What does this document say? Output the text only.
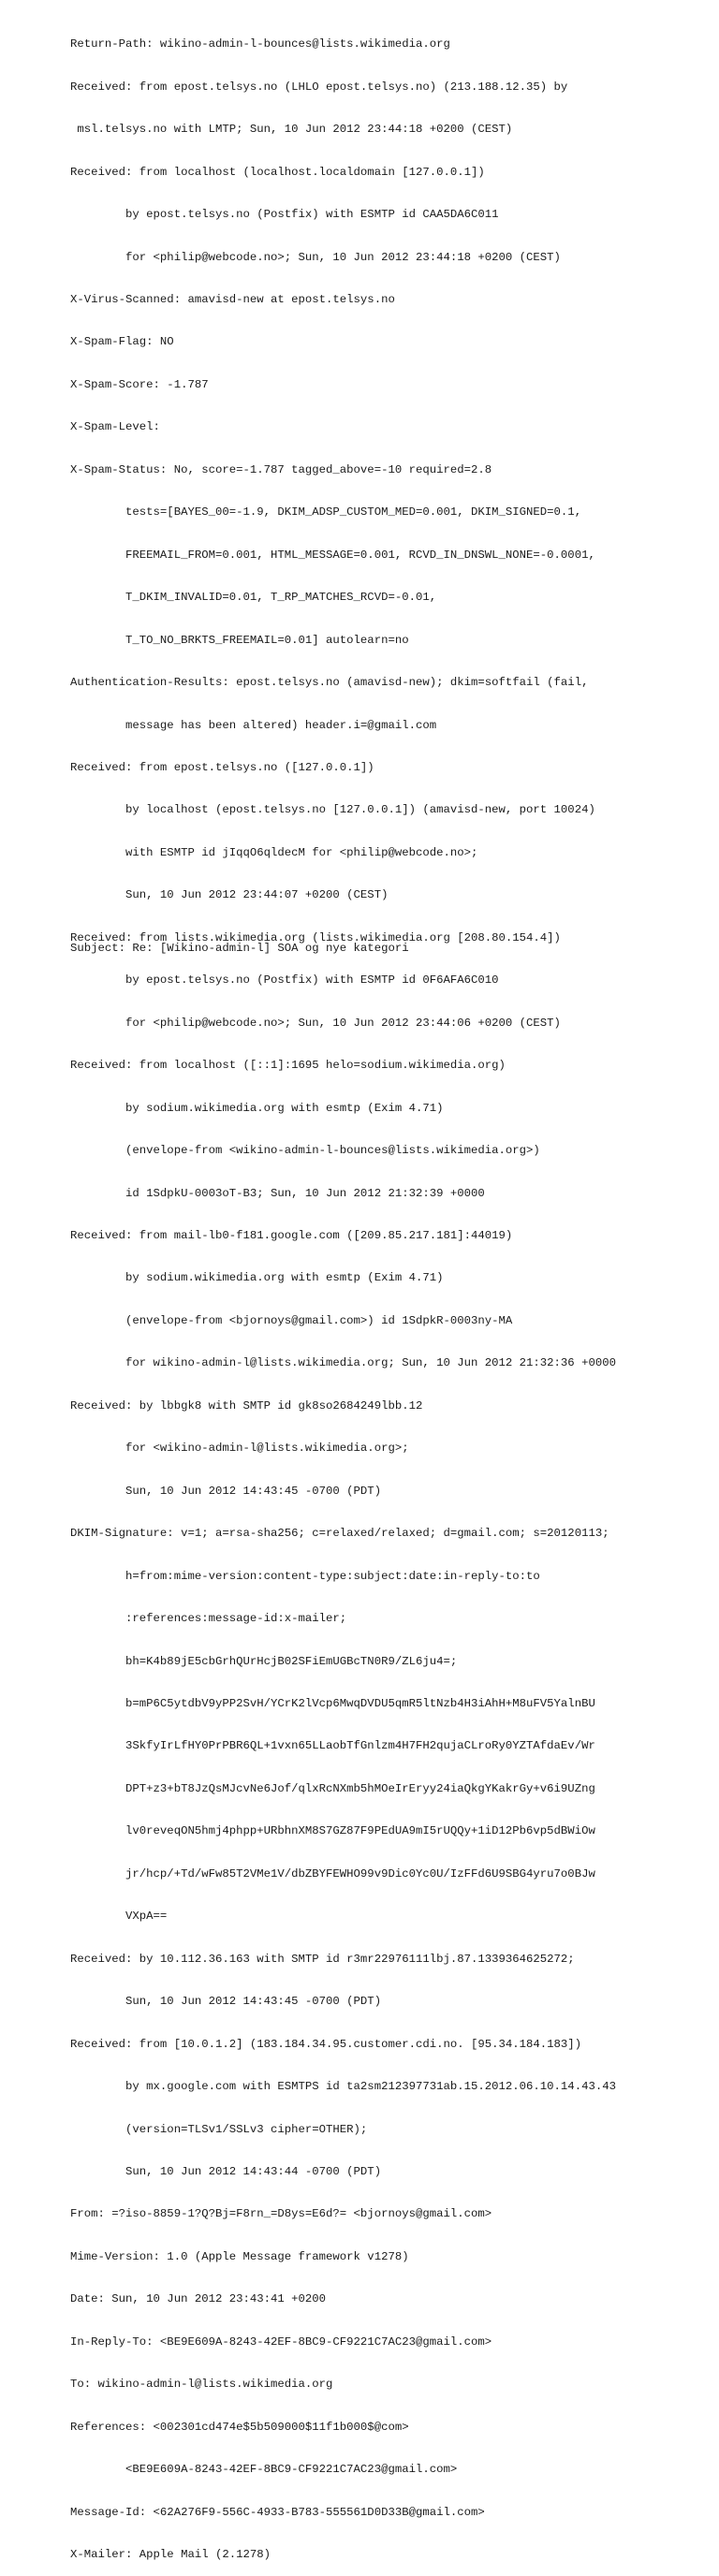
Return-Path: wikino-admin-l-bounces@lists.wikimedia.org

Received: from epost.telsys.no (LHLO epost.telsys.no) (213.188.12.35) by

msl.telsys.no with LMTP; Sun, 10 Jun 2012 23:44:18 +0200 (CEST)

Received: from localhost (localhost.localdomain [127.0.0.1])

by epost.telsys.no (Postfix) with ESMTP id CAA5DA6C011

for <philip@webcode.no>; Sun, 10 Jun 2012 23:44:18 +0200 (CEST)

X-Virus-Scanned: amavisd-new at epost.telsys.no

X-Spam-Flag: NO

X-Spam-Score: -1.787

X-Spam-Level:

X-Spam-Status: No, score=-1.787 tagged_above=-10 required=2.8

tests=[BAYES_00=-1.9, DKIM_ADSP_CUSTOM_MED=0.001, DKIM_SIGNED=0.1,

FREEMAIL_FROM=0.001, HTML_MESSAGE=0.001, RCVD_IN_DNSWL_NONE=-0.0001,

T_DKIM_INVALID=0.01, T_RP_MATCHES_RCVD=-0.01,

T_TO_NO_BRKTS_FREEMAIL=0.01] autolearn=no

Authentication-Results: epost.telsys.no (amavisd-new); dkim=softfail (fail,

message has been altered) header.i=@gmail.com

Received: from epost.telsys.no ([127.0.0.1])

by localhost (epost.telsys.no [127.0.0.1]) (amavisd-new, port 10024)

with ESMTP id jIqqO6qldecM for <philip@webcode.no>;

Sun, 10 Jun 2012 23:44:07 +0200 (CEST)

Received: from lists.wikimedia.org (lists.wikimedia.org [208.80.154.4])

by epost.telsys.no (Postfix) with ESMTP id 0F6AFA6C010

for <philip@webcode.no>; Sun, 10 Jun 2012 23:44:06 +0200 (CEST)

Received: from localhost ([::1]:1695 helo=sodium.wikimedia.org)

by sodium.wikimedia.org with esmtp (Exim 4.71)

(envelope-from <wikino-admin-l-bounces@lists.wikimedia.org>)

id 1SdpkU-0003oT-B3; Sun, 10 Jun 2012 21:32:39 +0000

Received: from mail-lb0-f181.google.com ([209.85.217.181]:44019)

by sodium.wikimedia.org with esmtp (Exim 4.71)

(envelope-from <bjornoys@gmail.com>) id 1SdpkR-0003ny-MA

for wikino-admin-l@lists.wikimedia.org; Sun, 10 Jun 2012 21:32:36 +0000

Received: by lbbgk8 with SMTP id gk8so2684249lbb.12

for <wikino-admin-l@lists.wikimedia.org>;

Sun, 10 Jun 2012 14:43:45 -0700 (PDT)

DKIM-Signature: v=1; a=rsa-sha256; c=relaxed/relaxed; d=gmail.com; s=20120113;

h=from:mime-version:content-type:subject:date:in-reply-to:to

:references:message-id:x-mailer;

bh=K4b89jE5cbGrhQUrHcjB02SFiEmUGBcTN0R9/ZL6ju4=;

b=mP6C5ytdbV9yPP2SvH/YCrK2lVcp6MwqDVDU5qmR5ltNzb4H3iAhH+M8uFV5YalnBU

3SkfyIrLfHY0PrPBR6QL+1vxn65LLaobTfGnlzm4H7FH2qujaCLroRy0YZTAfdaEv/Wr

DPT+z3+bT8JzQsMJcvNe6Jof/qlxRcNXmb5hMOeIrEryy24iaQkgYKakrGy+v6i9UZng

lv0reveqON5hmj4phpp+URbhnXM8S7GZ87F9PEdUA9mI5rUQQy+1iD12Pb6vp5dBWiOw

jr/hcp/+Td/wFw85T2VMe1V/dbZBYFEWHO99v9Dic0Yc0U/IzFFd6U9SBG4yru7o0BJw

VXpA==

Received: by 10.112.36.163 with SMTP id r3mr22976111lbj.87.1339364625272;

Sun, 10 Jun 2012 14:43:45 -0700 (PDT)

Received: from [10.0.1.2] (183.184.34.95.customer.cdi.no. [95.34.184.183])

by mx.google.com with ESMTPS id ta2sm212397731ab.15.2012.06.10.14.43.43

(version=TLSv1/SSLv3 cipher=OTHER);

Sun, 10 Jun 2012 14:43:44 -0700 (PDT)

From: =?iso-8859-1?Q?Bj=F8rn_=D8ys=E6d?= <bjornoys@gmail.com>

Mime-Version: 1.0 (Apple Message framework v1278)

Date: Sun, 10 Jun 2012 23:43:41 +0200

In-Reply-To: <BE9E609A-8243-42EF-8BC9-CF9221C7AC23@gmail.com>

To: wikino-admin-l@lists.wikimedia.org

References: <002301cd474e$5b509000$11f1b000$@com>

<BE9E609A-8243-42EF-8BC9-CF9221C7AC23@gmail.com>

Message-Id: <62A276F9-556C-4933-B783-555561D0D33B@gmail.com>

X-Mailer: Apple Mail (2.1278)

Subject: Re: [Wikino-admin-l] SOA og nye kategori
